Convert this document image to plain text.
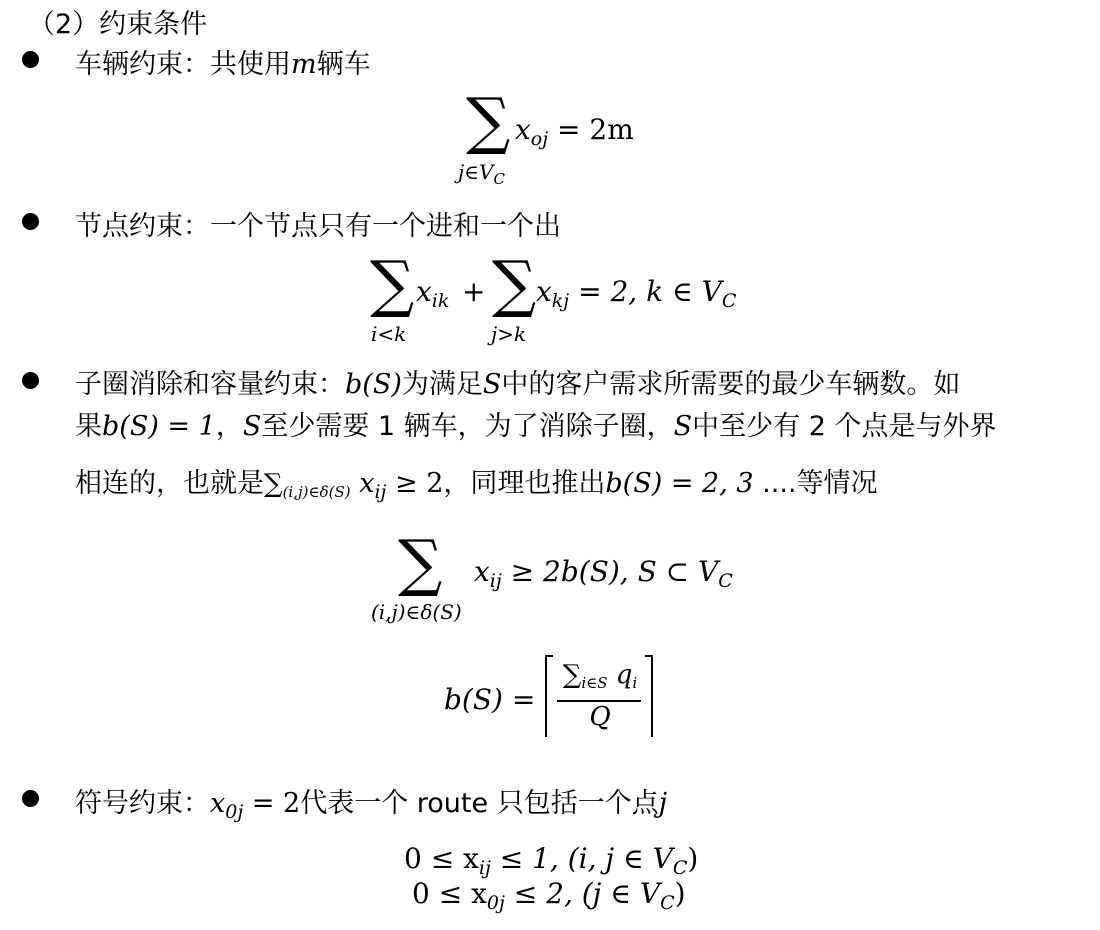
（2）约束条件
车辆约束：共使用m辆车
∑
$j\in V_C$
$x_{oj} = 2m$
节点约束：一个节点只有一个进和一个出
∑
i<k
$x_{ik}$ + ∑
j>k
$x_{kj} = 2$, k ∈ $V_C$
子圈消除和容量约束：b(S)为满足S中的客户需求所需要的最少车辆数。如
果b(S) = 1，S至少需要 1 辆车，为了消除子圈，S中至少有 2 个点是与外界
相连的，也就是∑(i,j)∈δ(S) $x_{ij} \ge 2$，同理也推出b(S) = 2, 3 ....等情况
∑
(i,j)∈δ(S)
$x_{ij} \ge 2b(S)$, S ⊂ $V_C$
b(S) =
∑i∈S qi
Q
符号约束：$x_{0j} = 2$代表一个 route 只包括一个点j
$0 \le x_{ij} \le 1$, (i, j ∈ $V_C$)
$0 \le x_{0j} \le 2$, (j ∈ $V_C$)
